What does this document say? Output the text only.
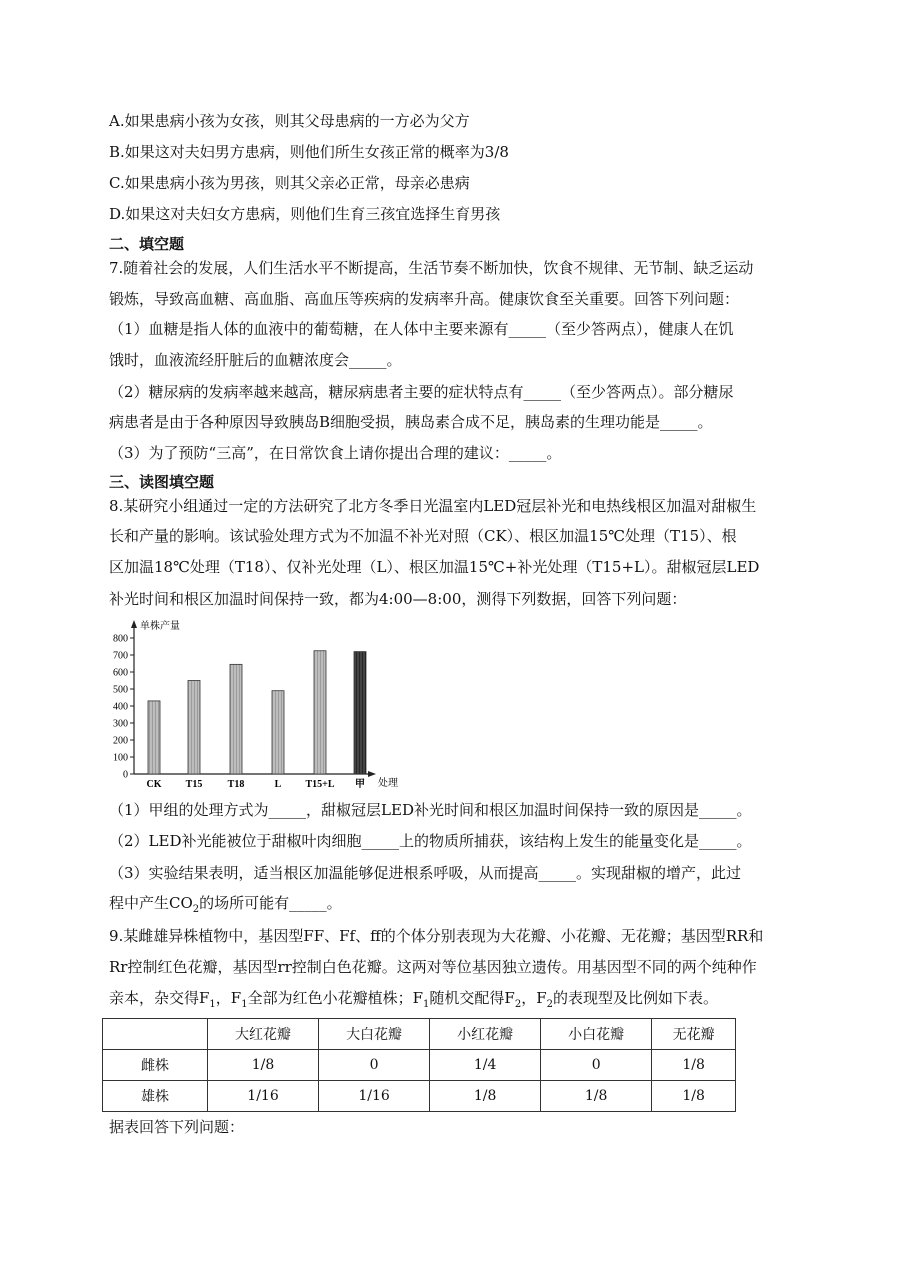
A.如果患病小孩为女孩，则其父母患病的一方必为父方
B.如果这对夫妇男方患病，则他们所生女孩正常的概率为3/8
C.如果患病小孩为男孩，则其父亲必正常，母亲必患病
D.如果这对夫妇女方患病，则他们生育三孩宜选择生育男孩
二、填空题
7.随着社会的发展，人们生活水平不断提高，生活节奏不断加快，饮食不规律、无节制、缺乏运动
锻炼，导致高血糖、高血脂、高血压等疾病的发病率升高。健康饮食至关重要。回答下列问题：
（1）血糖是指人体的血液中的葡萄糖，在人体中主要来源有_____（至少答两点），健康人在饥
饿时，血液流经肝脏后的血糖浓度会_____。
（2）糖尿病的发病率越来越高，糖尿病患者主要的症状特点有_____（至少答两点）。部分糖尿
病患者是由于各种原因导致胰岛B细胞受损，胰岛素合成不足，胰岛素的生理功能是_____。
（3）为了预防“三高”，在日常饮食上请你提出合理的建议：_____。
三、读图填空题
8.某研究小组通过一定的方法研究了北方冬季日光温室内LED冠层补光和电热线根区加温对甜椒生
长和产量的影响。该试验处理方式为不加温不补光对照（CK）、根区加温15℃处理（T15）、根
区加温18℃处理（T18）、仅补光处理（L）、根区加温15℃+补光处理（T15+L）。甜椒冠层LED
补光时间和根区加温时间保持一致，都为4:00—8:00，测得下列数据，回答下列问题：
单株产量
处理
0
100
200
300
400
500
600
700
800
CK T15	T18	L T15+L 甲
（1）甲组的处理方式为_____，甜椒冠层LED补光时间和根区加温时间保持一致的原因是_____。
（2）LED补光能被位于甜椒叶肉细胞_____上的物质所捕获，该结构上发生的能量变化是_____。
（3）实验结果表明，适当根区加温能够促进根系呼吸，从而提高_____。实现甜椒的增产，此过
程中产生$CO_2$的场所可能有_____。
9.某雌雄异株植物中，基因型FF、Ff、ff的个体分别表现为大花瓣、小花瓣、无花瓣；基因型RR和
Rr控制红色花瓣，基因型rr控制白色花瓣。这两对等位基因独立遗传。用基因型不同的两个纯种作
亲本，杂交得$F_1$，$F_1$全部为红色小花瓣植株；$F_1$随机交配得$F_2$，$F_2$的表现型及比例如下表。
	大红花瓣	大白花瓣	小红花瓣	小白花瓣	无花瓣
雌株	1/8	0	1/4	0	1/8
雄株	1/16	1/16	1/8	1/8	1/8
据表回答下列问题：
